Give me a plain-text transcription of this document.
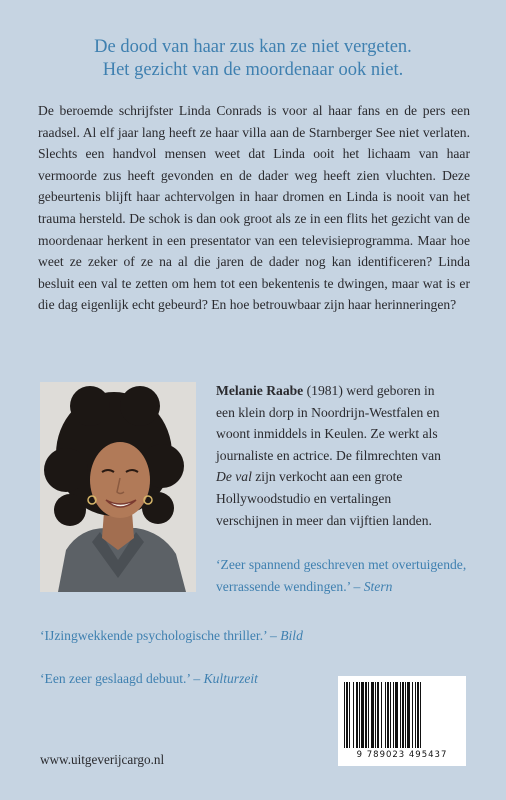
De dood van haar zus kan ze niet vergeten.
Het gezicht van de moordenaar ook niet.
De beroemde schrijfster Linda Conrads is voor al haar fans en de pers een raadsel. Al elf jaar lang heeft ze haar villa aan de Starnberger See niet verlaten. Slechts een handvol mensen weet dat Linda ooit het lichaam van haar vermoorde zus heeft gevonden en de dader weg heeft zien vluchten. Deze gebeurtenis blijft haar achtervolgen in haar dromen en Linda is nooit van het trauma hersteld. De schok is dan ook groot als ze in een flits het gezicht van de moordenaar herkent in een presentator van een televisieprogramma. Maar hoe weet ze zeker of ze na al die jaren de dader nog kan identificeren? Linda besluit een val te zetten om hem tot een bekentenis te dwingen, maar wat is er die dag eigenlijk echt gebeurd? En hoe betrouwbaar zijn haar herinneringen?
Melanie Raabe (1981) werd geboren in een klein dorp in Noordrijn-Westfalen en woont inmiddels in Keulen. Ze werkt als journaliste en actrice. De filmrechten van De val zijn verkocht aan een grote Hollywoodstudio en vertalingen verschijnen in meer dan vijftien landen.
‘Zeer spannend geschreven met overtuigende, verrassende wendingen.’ – Stern
‘IJzingwekkende psychologische thriller.’ – Bild
‘Een zeer geslaagd debuut.’ – Kulturzeit
www.uitgeverijcargo.nl	9 789023 495437
